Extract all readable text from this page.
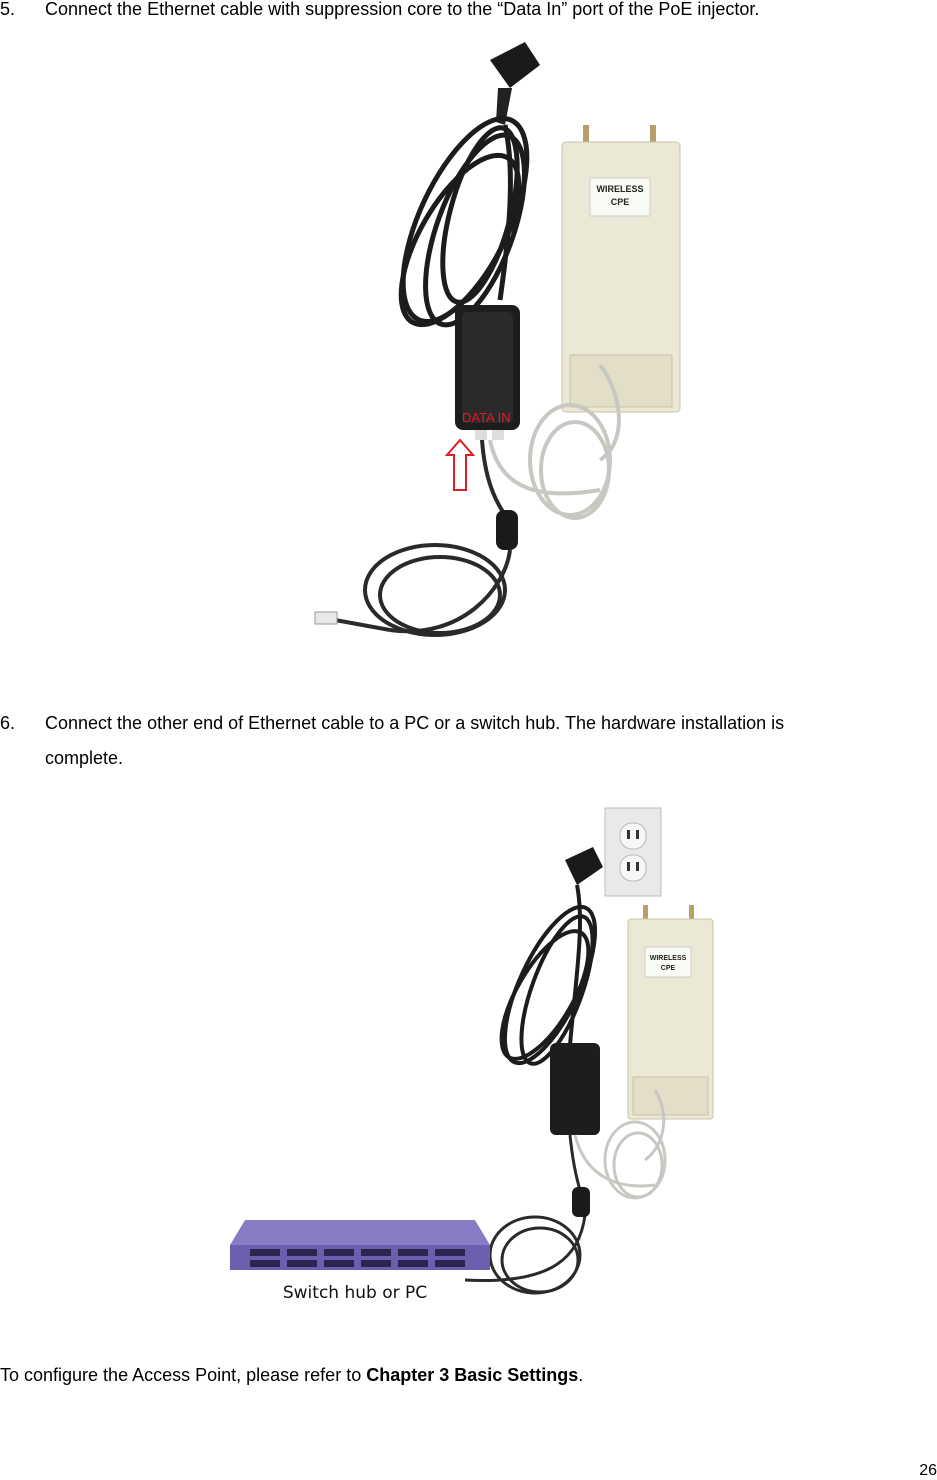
5.	Connect the Ethernet cable with suppression core to the “Data In” port of the PoE injector.
WIRELESS
CPE
DATA IN
6.	Connect the other end of Ethernet cable to a PC or a switch hub. The hardware installation is
complete.
WIRELESS
CPE
Switch hub or PC
To configure the Access Point, please refer to Chapter 3 Basic Settings.
26
